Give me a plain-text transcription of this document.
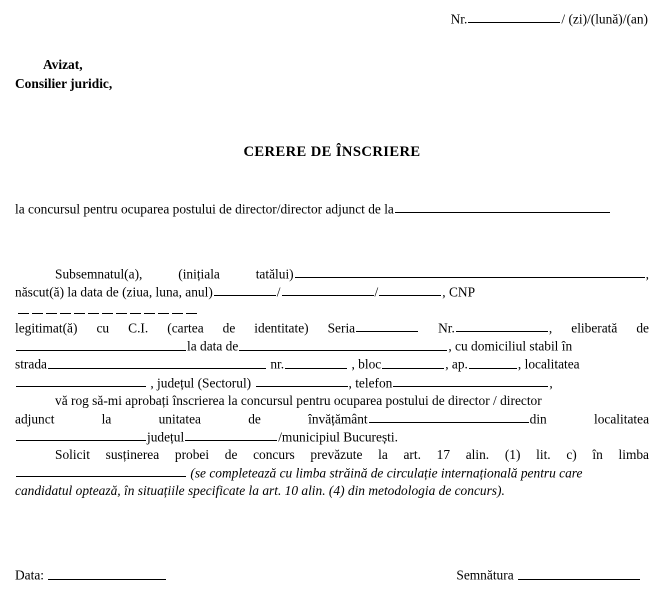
Nr.	/ (zi)/(lună)/(an)
Avizat,
Consilier juridic,
CERERE DE ÎNSCRIERE
la concursul pentru ocuparea postului de director/director adjunct de la

Subsemnatul(a), (inițiala tatălui)	,
născut(ă) la data de (ziua, luna, anul)	/	/	, CNP

legitimat(ă) cu C.I. (cartea de identitate) Seria	Nr.	, eliberată de
la data de	, cu domiciliul stabil în

strada	nr.	, bloc	, ap.	, localitatea
, județul (Sectorul)	, telefon	,

vă rog să-mi aprobați înscrierea la concursul pentru ocuparea postului de director / director
adjunct	la	unitatea	de	învățământ	din	localitatea
județul	/municipiul București.

Solicit susținerea probei de concurs prevăzute la art. 17 alin. (1) lit. c) în limba
(se completează cu limba străină de circulație internațională pentru care
candidatul optează, în situațiile specificate la art. 10 alin. (4) din metodologia de concurs).

Data:	Semnătura
